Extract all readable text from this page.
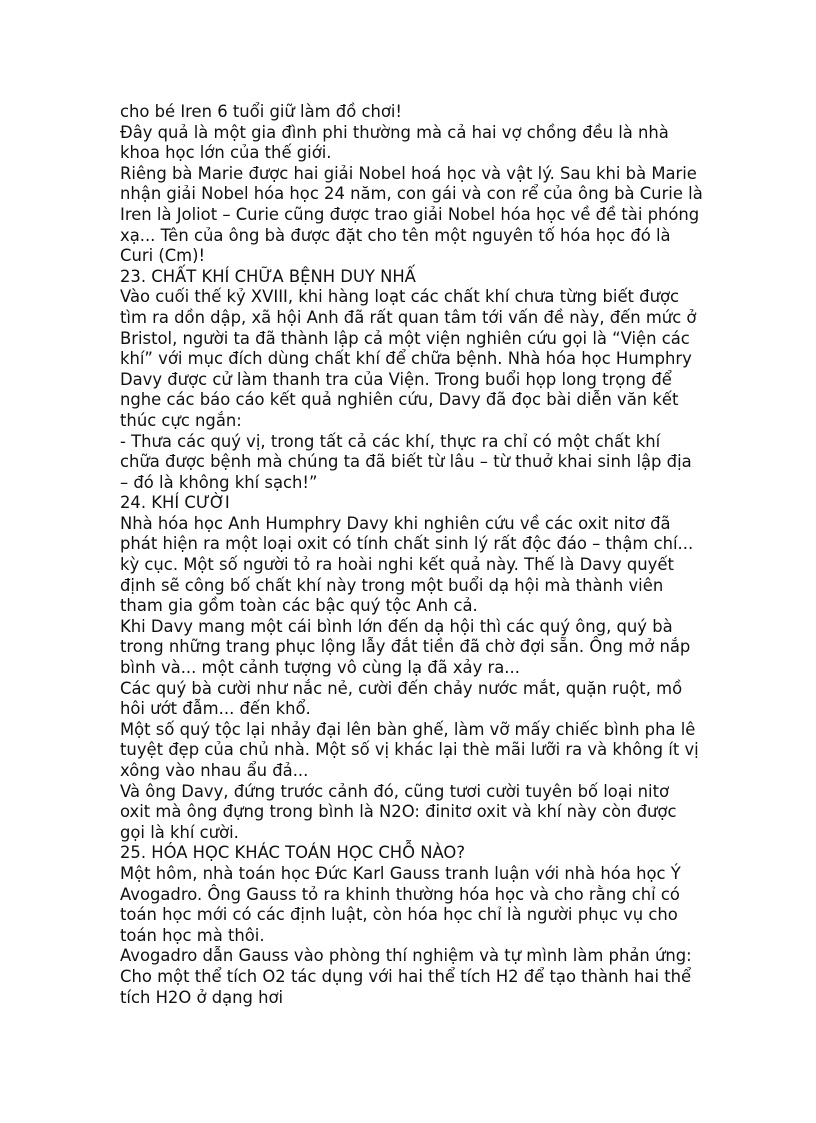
cho bé Iren 6 tuổi giữ làm đồ chơi!
Đây quả là một gia đình phi thường mà cả hai vợ chồng đều là nhà
khoa học lớn của thế giới.
Riêng bà Marie được hai giải Nobel hoá học và vật lý. Sau khi bà Marie
nhận giải Nobel hóa học 24 năm, con gái và con rể của ông bà Curie là
Iren là Joliot – Curie cũng được trao giải Nobel hóa học về đề tài phóng
xạ... Tên của ông bà được đặt cho tên một nguyên tố hóa học đó là
Curi (Cm)!
23. CHẤT KHÍ CHỮA BỆNH DUY NHẤ
Vào cuối thế kỷ XVIII, khi hàng loạt các chất khí chưa từng biết được
tìm ra dồn dập, xã hội Anh đã rất quan tâm tới vấn đề này, đến mức ở
Bristol, người ta đã thành lập cả một viện nghiên cứu gọi là “Viện các
khí” với mục đích dùng chất khí để chữa bệnh. Nhà hóa học Humphry
Davy được cử làm thanh tra của Viện. Trong buổi họp long trọng để
nghe các báo cáo kết quả nghiên cứu, Davy đã đọc bài diễn văn kết
thúc cực ngắn:
- Thưa các quý vị, trong tất cả các khí, thực ra chỉ có một chất khí
chữa được bệnh mà chúng ta đã biết từ lâu – từ thuở khai sinh lập địa
– đó là không khí sạch!”
24. KHÍ CƯỜI
Nhà hóa học Anh Humphry Davy khi nghiên cứu về các oxit nitơ đã
phát hiện ra một loại oxit có tính chất sinh lý rất độc đáo – thậm chí...
kỳ cục. Một số người tỏ ra hoài nghi kết quả này. Thế là Davy quyết
định sẽ công bố chất khí này trong một buổi dạ hội mà thành viên
tham gia gồm toàn các bậc quý tộc Anh cả.
Khi Davy mang một cái bình lớn đến dạ hội thì các quý ông, quý bà
trong những trang phục lộng lẫy đắt tiền đã chờ đợi sẵn. Ông mở nắp
bình và... một cảnh tượng vô cùng lạ đã xảy ra...
Các quý bà cười như nắc nẻ, cười đến chảy nước mắt, quặn ruột, mồ
hôi ướt đẫm... đến khổ.
Một số quý tộc lại nhảy đại lên bàn ghế, làm vỡ mấy chiếc bình pha lê
tuyệt đẹp của chủ nhà. Một số vị khác lại thè mãi lưỡi ra và không ít vị
xông vào nhau ẩu đả...
Và ông Davy, đứng trước cảnh đó, cũng tươi cười tuyên bố loại nitơ
oxit mà ông đựng trong bình là N2O: đinitơ oxit và khí này còn được
gọi là khí cười.
25. HÓA HỌC KHÁC TOÁN HỌC CHỖ NÀO?
Một hôm, nhà toán học Đức Karl Gauss tranh luận với nhà hóa học Ý
Avogadro. Ông Gauss tỏ ra khinh thường hóa học và cho rằng chỉ có
toán học mới có các định luật, còn hóa học chỉ là người phục vụ cho
toán học mà thôi.
Avogadro dẫn Gauss vào phòng thí nghiệm và tự mình làm phản ứng:
Cho một thể tích O2 tác dụng với hai thể tích H2 để tạo thành hai thể
tích H2O ở dạng hơi
